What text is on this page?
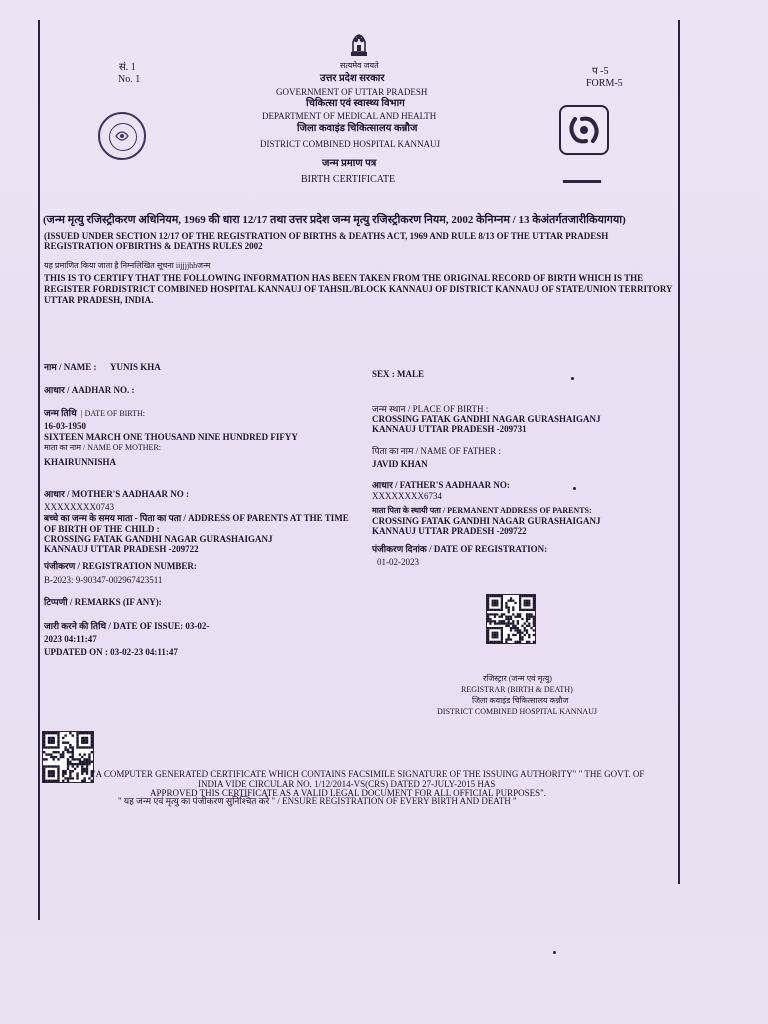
सत्यमेव जयते
सं. 1
No. 1
प -5
FORM-5
उत्तर प्रदेश सरकार
GOVERNMENT OF UTTAR PRADESH
चिकित्सा एवं स्वास्थ्य विभाग
DEPARTMENT OF MEDICAL AND HEALTH
जिला कवाइंड चिकित्सालय कन्नौज
DISTRICT COMBINED HOSPITAL KANNAUJ
जन्म प्रमाण पत्र
BIRTH CERTIFICATE
(जन्म मृत्यु रजिस्ट्रीकरण अधिनियम, 1969 की धारा 12/17 तथा उत्तर प्रदेश जन्म मृत्यु रजिस्ट्रीकरण नियम, 2002 केनिम्नम / 13 केअंतर्गतजारीकियागया)
(ISSUED UNDER SECTION 12/17 OF THE REGISTRATION OF BIRTHS & DEATHS ACT, 1969 AND RULE 8/13 OF THE UTTAR PRADESH
REGISTRATION OFBIRTHS & DEATHS RULES 2002
यह प्रमाणित किया जाता है निम्नलिखित सूचना iijjjjhhजन्म
THIS IS TO CERTIFY THAT THE FOLLOWING INFORMATION HAS BEEN TAKEN FROM THE ORIGINAL RECORD OF BIRTH WHICH IS THE
REGISTER FORDISTRICT COMBINED HOSPITAL KANNAUJ OF TAHSIL/BLOCK KANNAUJ OF DISTRICT KANNAUJ OF STATE/UNION TERRITORY
UTTAR PRADESH, INDIA.
नाम / NAME : YUNIS KHA
आधार / AADHAR NO. :
जन्म तिथि | DATE OF BIRTH:
16-03-1950
SIXTEEN MARCH ONE THOUSAND NINE HUNDRED FIFYY
माता का नाम / NAME OF MOTHER:
KHAIRUNNISHA
आधार / MOTHER'S AADHAAR NO :
XXXXXXXX0743
बच्चे का जन्म के समय माता - पिता का पता / ADDRESS OF PARENTS AT THE TIME
OF BIRTH OF THE CHILD :
CROSSING FATAK GANDHI NAGAR GURASHAIGANJ
KANNAUJ UTTAR PRADESH -209722
पंजीकरण / REGISTRATION NUMBER:
B-2023: 9-90347-002967423511
टिप्पणी / REMARKS (IF ANY):
जारी करने की तिथि / DATE OF ISSUE: 03-02-
2023 04:11:47
UPDATED ON : 03-02-23 04:11:47
SEX : MALE
जन्म स्थान / PLACE OF BIRTH :
CROSSING FATAK GANDHI NAGAR GURASHAIGANJ
KANNAUJ UTTAR PRADESH -209731
पिता का नाम / NAME OF FATHER :
JAVID KHAN
आधार / FATHER'S AADHAAR NO:
XXXXXXXX6734
माता पिता के स्थायी पता / PERMANENT ADDRESS OF PARENTS:
CROSSING FATAK GANDHI NAGAR GURASHAIGANJ
KANNAUJ UTTAR PRADESH -209722
पंजीकरण दिनांक / DATE OF REGISTRATION:
01-02-2023
रजिस्ट्रार (जन्म एवं मृत्यु)
REGISTRAR (BIRTH & DEATH)
जिला कवाइंड चिकित्सालय कन्नौज
DISTRICT COMBINED HOSPITAL KANNAUJ
"A COMPUTER GENERATED CERTIFICATE WHICH CONTAINS FACSIMILE SIGNATURE OF THE ISSUING AUTHORITY" " THE GOVT. OF
INDIA VIDE CIRCULAR NO. 1/12/2014-VS(CRS) DATED 27-JULY-2015 HAS
APPROVED THIS CERTIFICATE AS A VALID LEGAL DOCUMENT FOR ALL OFFICIAL PURPOSES".
" यह जन्म एवं मृत्यु का पंजीकरण सुनिश्चित करे " / ENSURE REGISTRATION OF EVERY BIRTH AND DEATH "
